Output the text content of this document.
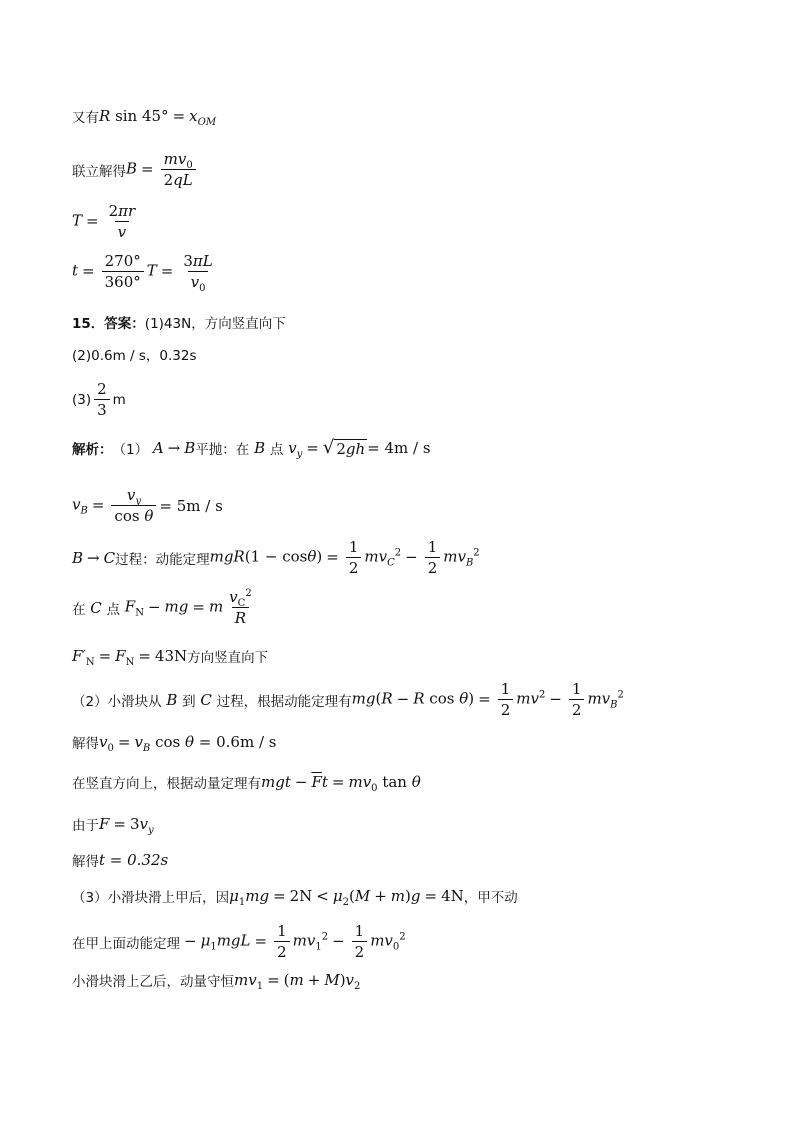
又有 R $\sin 45^\circ = x_{OM}$
联立解得 $B = \frac{mv_0}{2qL}$
$T = \frac{2\pi r}{v}$
$t = \frac{270^\circ}{360^\circ}$ $T = \frac{3\pi L}{v_0}$
15． 答案： (1)43N，方向竖直向下
(2)0.6m / s，0.32s
$(3) \frac{2}{3}$ m
解析： （1） A → B 平抛：在 B 点 $v_y$ = √ 2gh = 4m / s
$v_B = \frac{v_y}{\text{cos θ}} = 5m / s$
B → C 过程：动能定理 $mgR(1 - \cos\theta) = \frac{1}{2} mv_C^2 - \frac{1}{2} mv_B^2$
在 C 点 $F_N$ − mg = m $\frac{v_C^2}{R}$
$F'_N = F_N = 43N$ 方向竖直向下
（2）小滑块从 B 到 C 过程，根据动能定理有 mg(R − R $\cos \theta) = \frac{1}{2} mv^2 - \frac{1}{2} mv_B^2$
解得 $v_0 = v_B$ cos θ = 0.6m / s
在竖直方向上，根据动量定理有 mgt − $\overline{F}t = mv_0$ tan θ
由于 $F = 3v_y$
解得 t = 0.32s
（3）小滑块滑上甲后，因 $\mu_1mg = 2N < \mu_2(M + m)g = 4N$ ，甲不动
在甲上面动能定理 − $\mu_1mgL = \frac{1}{2} mv_1^2 - \frac{1}{2} mv_0^2$
小滑块滑上乙后，动量守恒 $mv_1 = (m + M)v_2$
